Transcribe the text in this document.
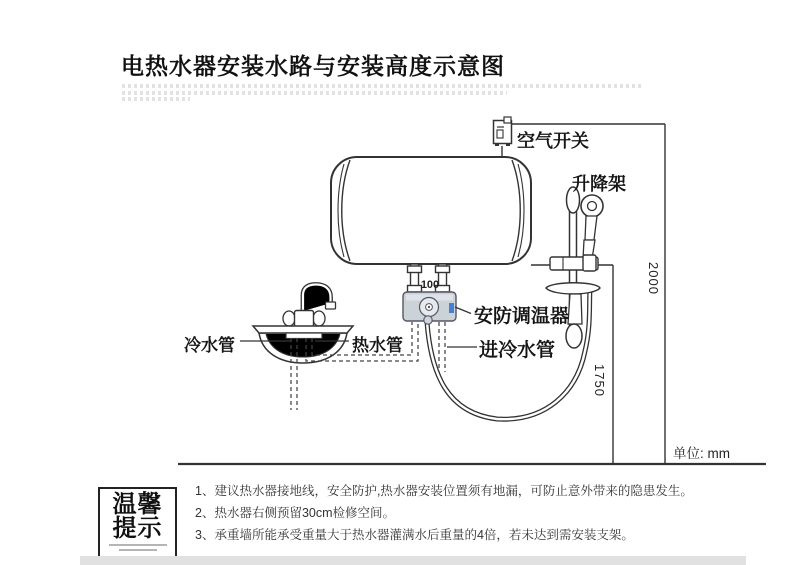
电热水器安装水路与安装高度示意图
空气开关
升降架
安防调温器
进冷水管
冷水管	热水管
100	2000
1750
单位: mm
温馨
提示
1、建议热水器接地线，安全防护,热水器安装位置须有地漏，可防止意外带来的隐患发生。
2、热水器右侧预留30cm检修空间。
3、承重墙所能承受重量大于热水器灌满水后重量的4倍，若未达到需安装支架。
